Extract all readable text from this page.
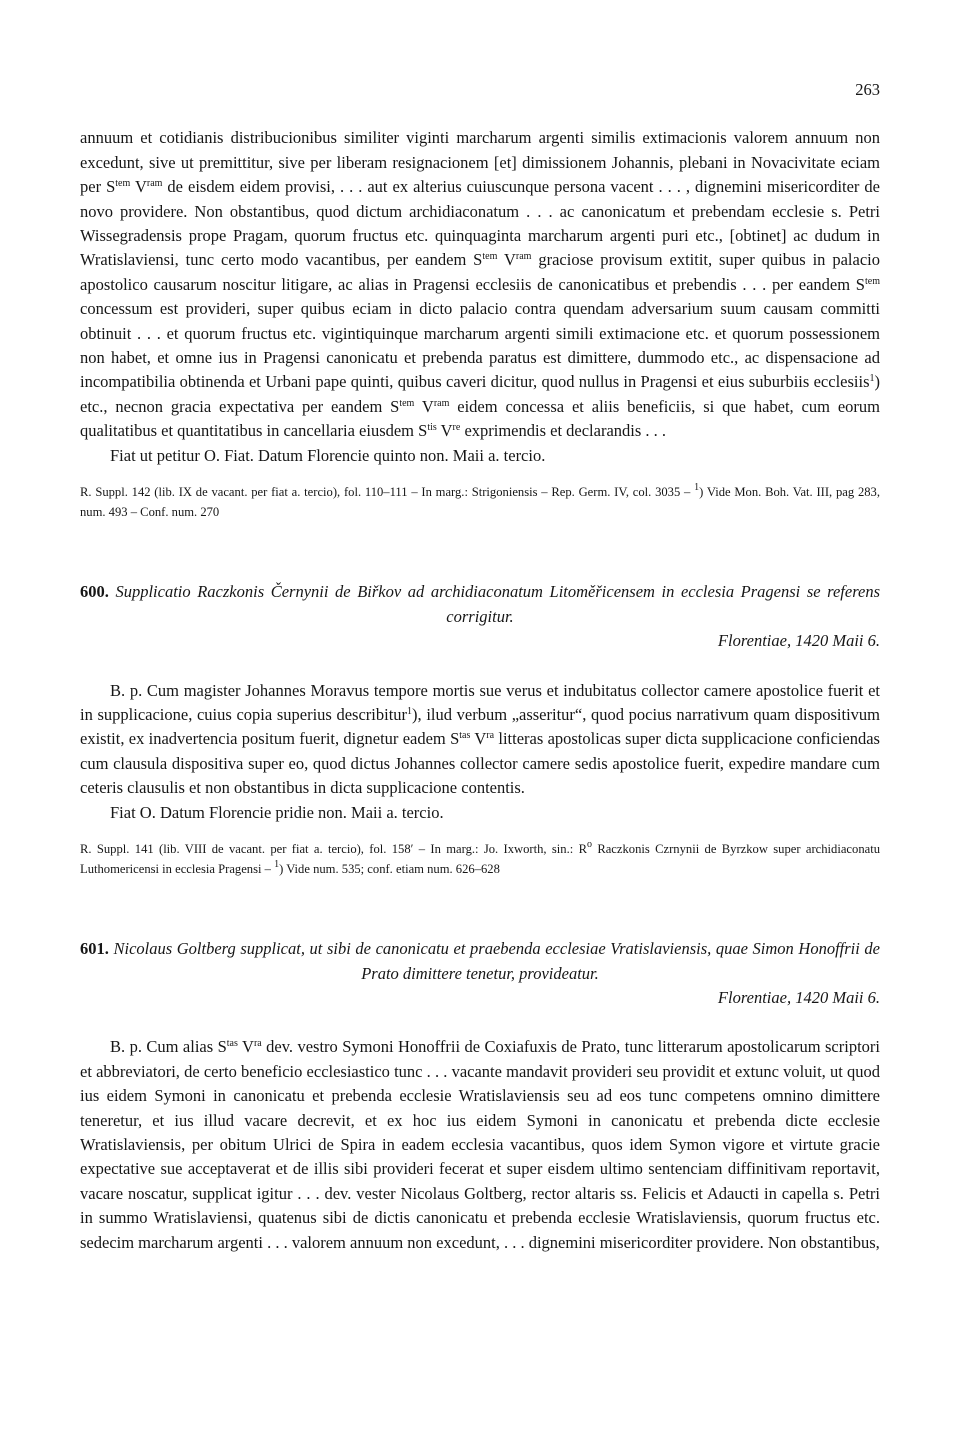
263

annuum et cotidianis distribucionibus similiter viginti marcharum argenti similis extimacionis valorem annuum non excedunt, sive ut premittitur, sive per liberam resignacionem [et] dimissionem Johannis, plebani in Novacivitate eciam per $S^{tem}$ $V^{ram}$ de eisdem eidem provisi, . . . aut ex alterius cuiuscunque persona vacent . . . , dignemini misericorditer de novo providere. Non obstantibus, quod dictum archidiaconatum . . . ac canonicatum et prebendam ecclesie s. Petri Wissegradensis prope Pragam, quorum fructus etc. quinquaginta marcharum argenti puri etc., [obtinet] ac dudum in Wratislaviensi, tunc certo modo vacantibus, per eandem $S^{tem}$ $V^{ram}$ graciose provisum extitit, super quibus in palacio apostolico causarum noscitur litigare, ac alias in Pragensi ecclesiis de canonicatibus et prebendis . . . per eandem $S^{tem}$ concessum est provideri, super quibus eciam in dicto palacio contra quendam adversarium suum causam committi obtinuit . . . et quorum fructus etc. vigintiquinque marcharum argenti simili extimacione etc. et quorum possessionem non habet, et omne ius in Pragensi canonicatu et prebenda paratus est dimittere, dummodo etc., ac dispensacione ad incompatibilia obtinenda et Urbani pape quinti, quibus caveri dicitur, quod nullus in Pragensi et eius suburbiis ecclesiis$^1$) etc., necnon gracia expectativa per eandem $S^{tem}$ $V^{ram}$ eidem concessa et aliis beneficiis, si que habet, cum eorum qualitatibus et quantitatibus in cancellaria eiusdem $S^{tis}$ Vre exprimendis et declarandis . . .

Fiat ut petitur O. Fiat. Datum Florencie quinto non. Maii a. tercio.

R. Suppl. 142 (lib. IX de vacant. per fiat a. tercio), fol. 110–111 – In marg.: Strigoniensis – Rep. Germ. IV, col. 3035 – $^1$) Vide Mon. Boh. Vat. III, pag 283, num. 493 – Conf. num. 270

600. Supplicatio Raczkonis Černynii de Biřkov ad archidiaconatum Litoměřicensem in ecclesia Pragensi se referens corrigitur.

Florentiae, 1420 Maii 6.

B. p. Cum magister Johannes Moravus tempore mortis sue verus et indubitatus collector camere apostolice fuerit et in supplicacione, cuius copia superius describitur$^1$), ilud verbum „asseritur“, quod pocius narrativum quam dispositivum existit, ex inadvertencia positum fuerit, dignetur eadem $S^{tas}$ $V^{ra}$ litteras apostolicas super dicta supplicacione conficiendas cum clausula dispositiva super eo, quod dictus Johannes collector camere sedis apostolice fuerit, expedire mandare cum ceteris clausulis et non obstantibus in dicta supplicacione contentis.

Fiat O. Datum Florencie pridie non. Maii a. tercio.

R. Suppl. 141 (lib. VIII de vacant. per fiat a. tercio), fol. 158′ – In marg.: Jo. Ixworth, sin.: $R^o$ Raczkonis Czrnynii de Byrzkow super archidiaconatu Luthomericensi in ecclesia Pragensi – $^1$) Vide num. 535; conf. etiam num. 626–628

601. Nicolaus Goltberg supplicat, ut sibi de canonicatu et praebenda ecclesiae Vratislaviensis, quae Simon Honoffrii de Prato dimittere tenetur, provideatur.

Florentiae, 1420 Maii 6.

B. p. Cum alias $S^{tas}$ $V^{ra}$ dev. vestro Symoni Honoffrii de Coxiafuxis de Prato, tunc litterarum apostolicarum scriptori et abbreviatori, de certo beneficio ecclesiastico tunc . . . vacante mandavit provideri seu providit et extunc voluit, ut quod ius eidem Symoni in canonicatu et prebenda ecclesie Wratislaviensis seu ad eos tunc competens omnino dimittere teneretur, et ius illud vacare decrevit, et ex hoc ius eidem Symoni in canonicatu et prebenda dicte ecclesie Wratislaviensis, per obitum Ulrici de Spira in eadem ecclesia vacantibus, quos idem Symon vigore et virtute gracie expectative sue acceptaverat et de illis sibi provideri fecerat et super eisdem ultimo sentenciam diffinitivam reportavit, vacare noscatur, supplicat igitur . . . dev. vester Nicolaus Goltberg, rector altaris ss. Felicis et Adaucti in capella s. Petri in summo Wratislaviensi, quatenus sibi de dictis canonicatu et prebenda ecclesie Wratislaviensis, quorum fructus etc. sedecim marcharum argenti . . . valorem annuum non excedunt, . . . dignemini misericorditer providere. Non obstantibus,
